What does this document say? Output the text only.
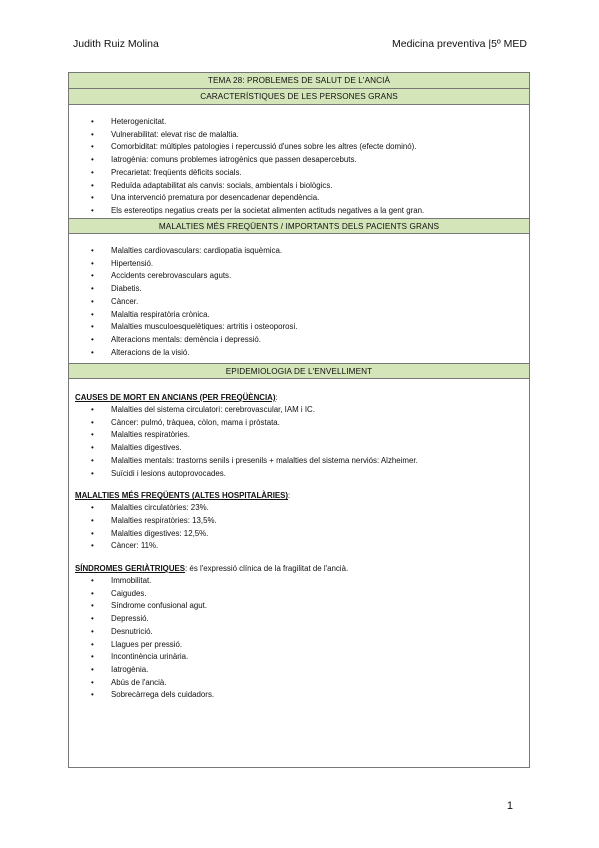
Judith Ruiz Molina	Medicina preventiva |5º MED
TEMA 28: PROBLEMES DE SALUT DE L'ANCIÀ
CARACTERÍSTIQUES DE LES PERSONES GRANS
• Heterogenicitat.
• Vulnerabilitat: elevat risc de malaltia.
• Comorbiditat: múltiples patologies i repercussió d'unes sobre les altres (efecte dominó).
• Iatrogènia: comuns problemes iatrogènics que passen desapercebuts.
• Precarietat: freqüents dèficits socials.
• Reduïda adaptabilitat als canvis: socials, ambientals i biològics.
• Una intervenció prematura por desencadenar dependència.
• Els estereotips negatius creats per la societat alimenten actituds negatives a la gent gran.
MALALTIES MÉS FREQÜENTS / IMPORTANTS DELS PACIENTS GRANS
• Malalties cardiovasculars: cardiopatia isquèmica.
• Hipertensió.
• Accidents cerebrovasculars aguts.
• Diabetis.
• Càncer.
• Malaltia respiratòria crònica.
• Malalties musculoesquelètiques: artritis i osteoporosi.
• Alteracions mentals: demència i depressió.
• Alteracions de la visió.
EPIDEMIOLOGIA DE L'ENVELLIMENT
CAUSES DE MORT EN ANCIANS (PER FREQÜÈNCIA):
• Malalties del sistema circulatori: cerebrovascular, IAM i IC.
• Càncer: pulmó, tràquea, còlon, mama i pròstata.
• Malalties respiratòries.
• Malalties digestives.
• Malalties mentals: trastorns senils i presenils + malalties del sistema nerviós: Alzheimer.
• Suïcidi i lesions autoprovocades.
MALALTIES MÉS FREQÜENTS (ALTES HOSPITALÀRIES):
• Malalties circulatòries: 23%.
• Malalties respiratòries: 13,5%.
• Malalties digestives: 12,5%.
• Càncer: 11%.
SÍNDROMES GERIÀTRIQUES: és l'expressió clínica de la fragilitat de l'ancià.
• Immobilitat.
• Caigudes.
• Síndrome confusional agut.
• Depressió.
• Desnutrició.
• Llagues per pressió.
• Incontinència urinària.
• Iatrogènia.
• Abús de l'ancià.
• Sobrecàrrega dels cuidadors.
1
